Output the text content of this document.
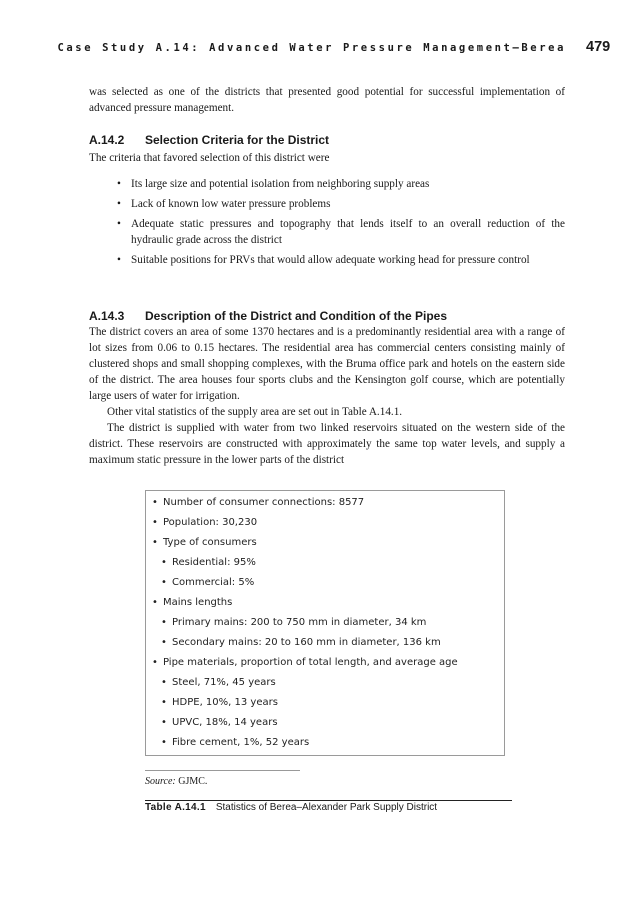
Case Study A.14: Advanced Water Pressure Management—Berea 479

was selected as one of the districts that presented good potential for successful implementation of advanced pressure management.

A.14.2 Selection Criteria for the District

The criteria that favored selection of this district were

• Its large size and potential isolation from neighboring supply areas
• Lack of known low water pressure problems
• Adequate static pressures and topography that lends itself to an overall reduction of the hydraulic grade across the district
• Suitable positions for PRVs that would allow adequate working head for pressure control
A.14.3 Description of the District and Condition of the Pipes

The district covers an area of some 1370 hectares and is a predominantly residential area with a range of lot sizes from 0.06 to 0.15 hectares. The residential area has commercial centers consisting mainly of clustered shops and small shopping complexes, with the Bruma office park and hotels on the eastern side of the district. The area houses four sports clubs and the Kensington golf course, which are potentially large users of water for irrigation.

Other vital statistics of the supply area are set out in Table A.14.1.

The district is supplied with water from two linked reservoirs situated on the western side of the district. These reservoirs are constructed with approximately the same top water levels, and supply a maximum static pressure in the lower parts of the district

• Number of consumer connections: 8577
• Population: 30,230
• Type of consumers
• Residential: 95%
• Commercial: 5%
• Mains lengths
• Primary mains: 200 to 750 mm in diameter, 34 km
• Secondary mains: 20 to 160 mm in diameter, 136 km
• Pipe materials, proportion of total length, and average age
• Steel, 71%, 45 years
• HDPE, 10%, 13 years
• UPVC, 18%, 14 years
• Fibre cement, 1%, 52 years
Source: GJMC.
Table A.14.1 Statistics of Berea–Alexander Park Supply District
